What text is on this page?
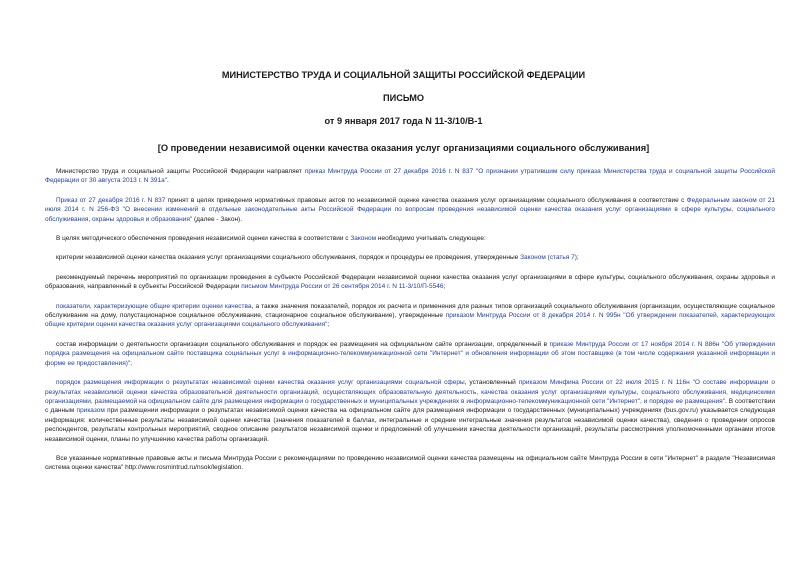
МИНИСТЕРСТВО ТРУДА И СОЦИАЛЬНОЙ ЗАЩИТЫ РОССИЙСКОЙ ФЕДЕРАЦИИ
ПИСЬМО
от 9 января 2017 года N 11-3/10/В-1
[О проведении независимой оценки качества оказания услуг организациями социального обслуживания]

Министерство труда и социальной защиты Российской Федерации направляет приказ Минтруда России от 27 декабря 2016 г. N 837 "О признании утратившим силу приказа Министерства труда и социальной защиты Российской Федерации от 30 августа 2013 г. N 391а".

Приказ от 27 декабря 2016 г. N 837 принят в целях приведения нормативных правовых актов по независимой оценке качества оказания услуг организациями социального обслуживания в соответствие с Федеральным законом от 21 июля 2014 г. N 256-ФЗ "О внесении изменений в отдельные законодательные акты Российской Федерации по вопросам проведения независимой оценки качества оказания услуг организациями в сфере культуры, социального обслуживания, охраны здоровья и образования" (далее - Закон).

В целях методического обеспечения проведения независимой оценки качества в соответствии с Законом необходимо учитывать следующее:

критерии независимой оценки качества оказания услуг организациями социального обслуживания, порядок и процедуры ее проведения, утвержденные Законом (статья 7);

рекомендуемый перечень мероприятий по организации проведения в субъекте Российской Федерации независимой оценки качества оказания услуг организациями в сфере культуры, социального обслуживания, охраны здоровья и образования, направленный в субъекты Российской Федерации письмом Минтруда России от 26 сентября 2014 г. N 11-3/10/П-5546;

показатели, характеризующие общие критерии оценки качества, а также значения показателей, порядок их расчета и применения для разных типов организаций социального обслуживания (организации, осуществляющие социальное обслуживание на дому, полустационарное социальное обслуживание, стационарное социальное обслуживание), утвержденные приказом Минтруда России от 8 декабря 2014 г. N 995н "Об утверждении показателей, характеризующих общие критерии оценки качества оказания услуг организациями социального обслуживания";

состав информации о деятельности организации социального обслуживания и порядок ее размещения на официальном сайте организации, определенный в приказе Минтруда России от 17 ноября 2014 г. N 886н "Об утверждении порядка размещения на официальном сайте поставщика социальных услуг в информационно-телекоммуникационной сети "Интернет" и обновления информации об этом поставщике (в том числе содержания указанной информации и форме ее предоставления)";

порядок размещения информации о результатах независимой оценки качества оказания услуг организациями социальной сферы, установленный приказом Минфина России от 22 июля 2015 г. N 116н "О составе информации о результатах независимой оценки качества образовательной деятельности организаций, осуществляющих образовательную деятельность, качества оказания услуг организациями культуры, социального обслуживания, медицинскими организациями, размещаемой на официальном сайте для размещения информации о государственных и муниципальных учреждениях в информационно-телекоммуникационной сети "Интернет", и порядке ее размещения". В соответствии с данным приказом при размещении информации о результатах независимой оценки качества на официальном сайте для размещения информации о государственных (муниципальных) учреждениях (bus.gov.ru) указывается следующая информация: количественные результаты независимой оценки качества (значения показателей в баллах, интегральные и средние интегральные значения результатов независимой оценки качества), сведения о проведении опросов респондентов, результаты контрольных мероприятий, сводное описание результатов независимой оценки и предложений об улучшении качества деятельности организаций, результаты рассмотрения уполномоченными органами итогов независимой оценки, планы по улучшению качества работы организаций.

Все указанные нормативные правовые акты и письма Минтруда России с рекомендациями по проведению независимой оценки качества размещены на официальном сайте Минтруда России в сети "Интернет" в разделе "Независимая система оценки качества" http://www.rosmintrud.ru/nsok/legislation.
